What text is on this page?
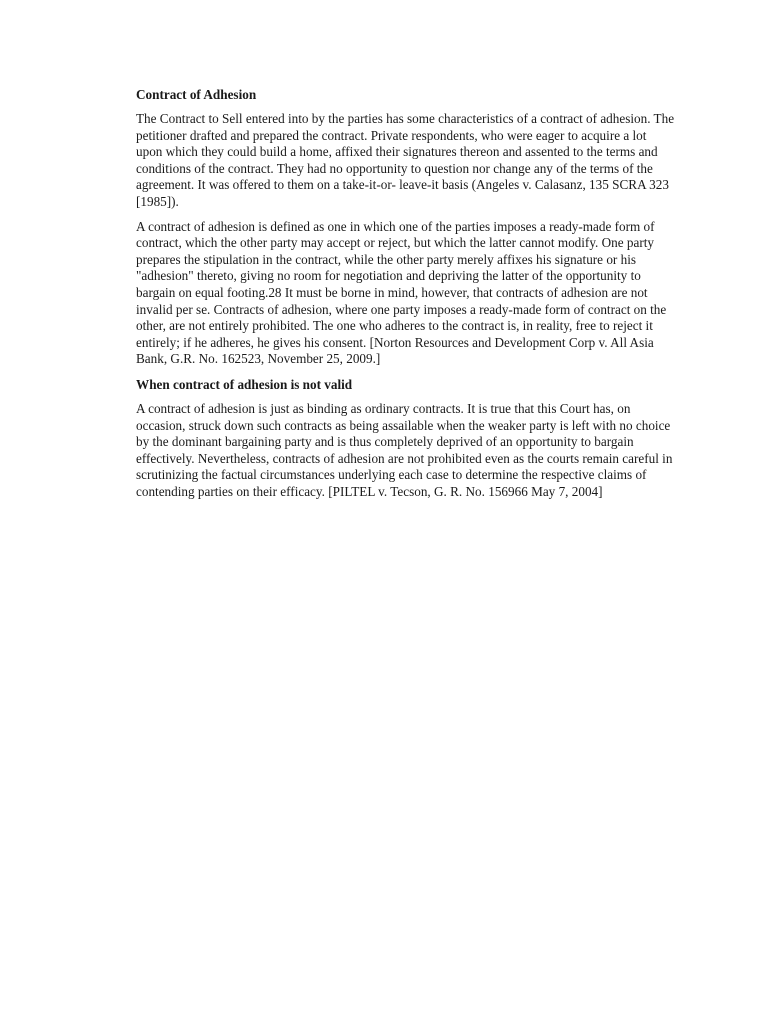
Contract of Adhesion

The Contract to Sell entered into by the parties has some characteristics of a contract of adhesion. The petitioner drafted and prepared the contract. Private respondents, who were eager to acquire a lot upon which they could build a home, affixed their signatures thereon and assented to the terms and conditions of the contract. They had no opportunity to question nor change any of the terms of the agreement. It was offered to them on a take-it-or- leave-it basis (Angeles v. Calasanz, 135 SCRA 323 [1985]).

A contract of adhesion is defined as one in which one of the parties imposes a ready-made form of contract, which the other party may accept or reject, but which the latter cannot modify. One party prepares the stipulation in the contract, while the other party merely affixes his signature or his "adhesion" thereto, giving no room for negotiation and depriving the latter of the opportunity to bargain on equal footing.28 It must be borne in mind, however, that contracts of adhesion are not invalid per se. Contracts of adhesion, where one party imposes a ready-made form of contract on the other, are not entirely prohibited. The one who adheres to the contract is, in reality, free to reject it entirely; if he adheres, he gives his consent. [Norton Resources and Development Corp v. All Asia Bank, G.R. No. 162523, November 25, 2009.]

When contract of adhesion is not valid

A contract of adhesion is just as binding as ordinary contracts. It is true that this Court has, on occasion, struck down such contracts as being assailable when the weaker party is left with no choice by the dominant bargaining party and is thus completely deprived of an opportunity to bargain effectively. Nevertheless, contracts of adhesion are not prohibited even as the courts remain careful in scrutinizing the factual circumstances underlying each case to determine the respective claims of contending parties on their efficacy. [PILTEL v. Tecson, G. R. No. 156966 May 7, 2004]
